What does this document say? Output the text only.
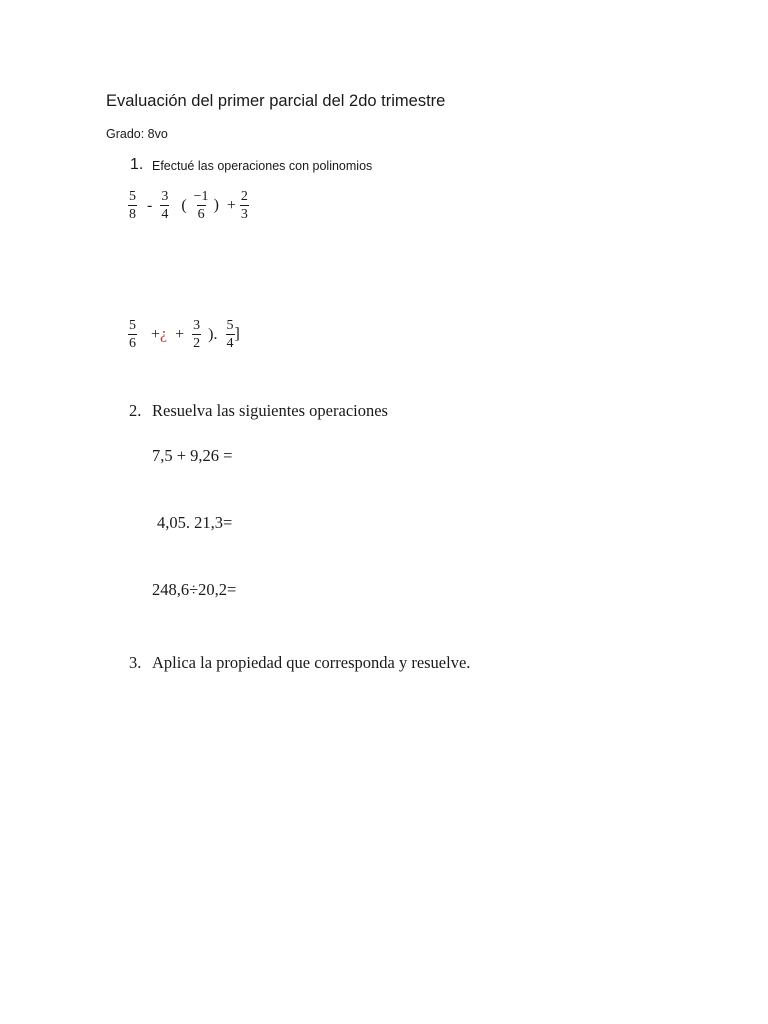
Evaluación del primer parcial del 2do trimestre
Grado: 8vo
1. Efectué las operaciones con polinomios
$\frac{5}{8} - \frac{3}{4}$ ( $\frac{-1}{6}$ ) + $\frac{2}{3}$
$\frac{5}{6}$ +¿ + $\frac{3}{2}$ ). $\frac{5}{4}$ ]
2. Resuelva las siguientes operaciones
7,5 + 9,26 =
4,05. 21,3=
248,6÷20,2=
3. Aplica la propiedad que corresponda y resuelve.
